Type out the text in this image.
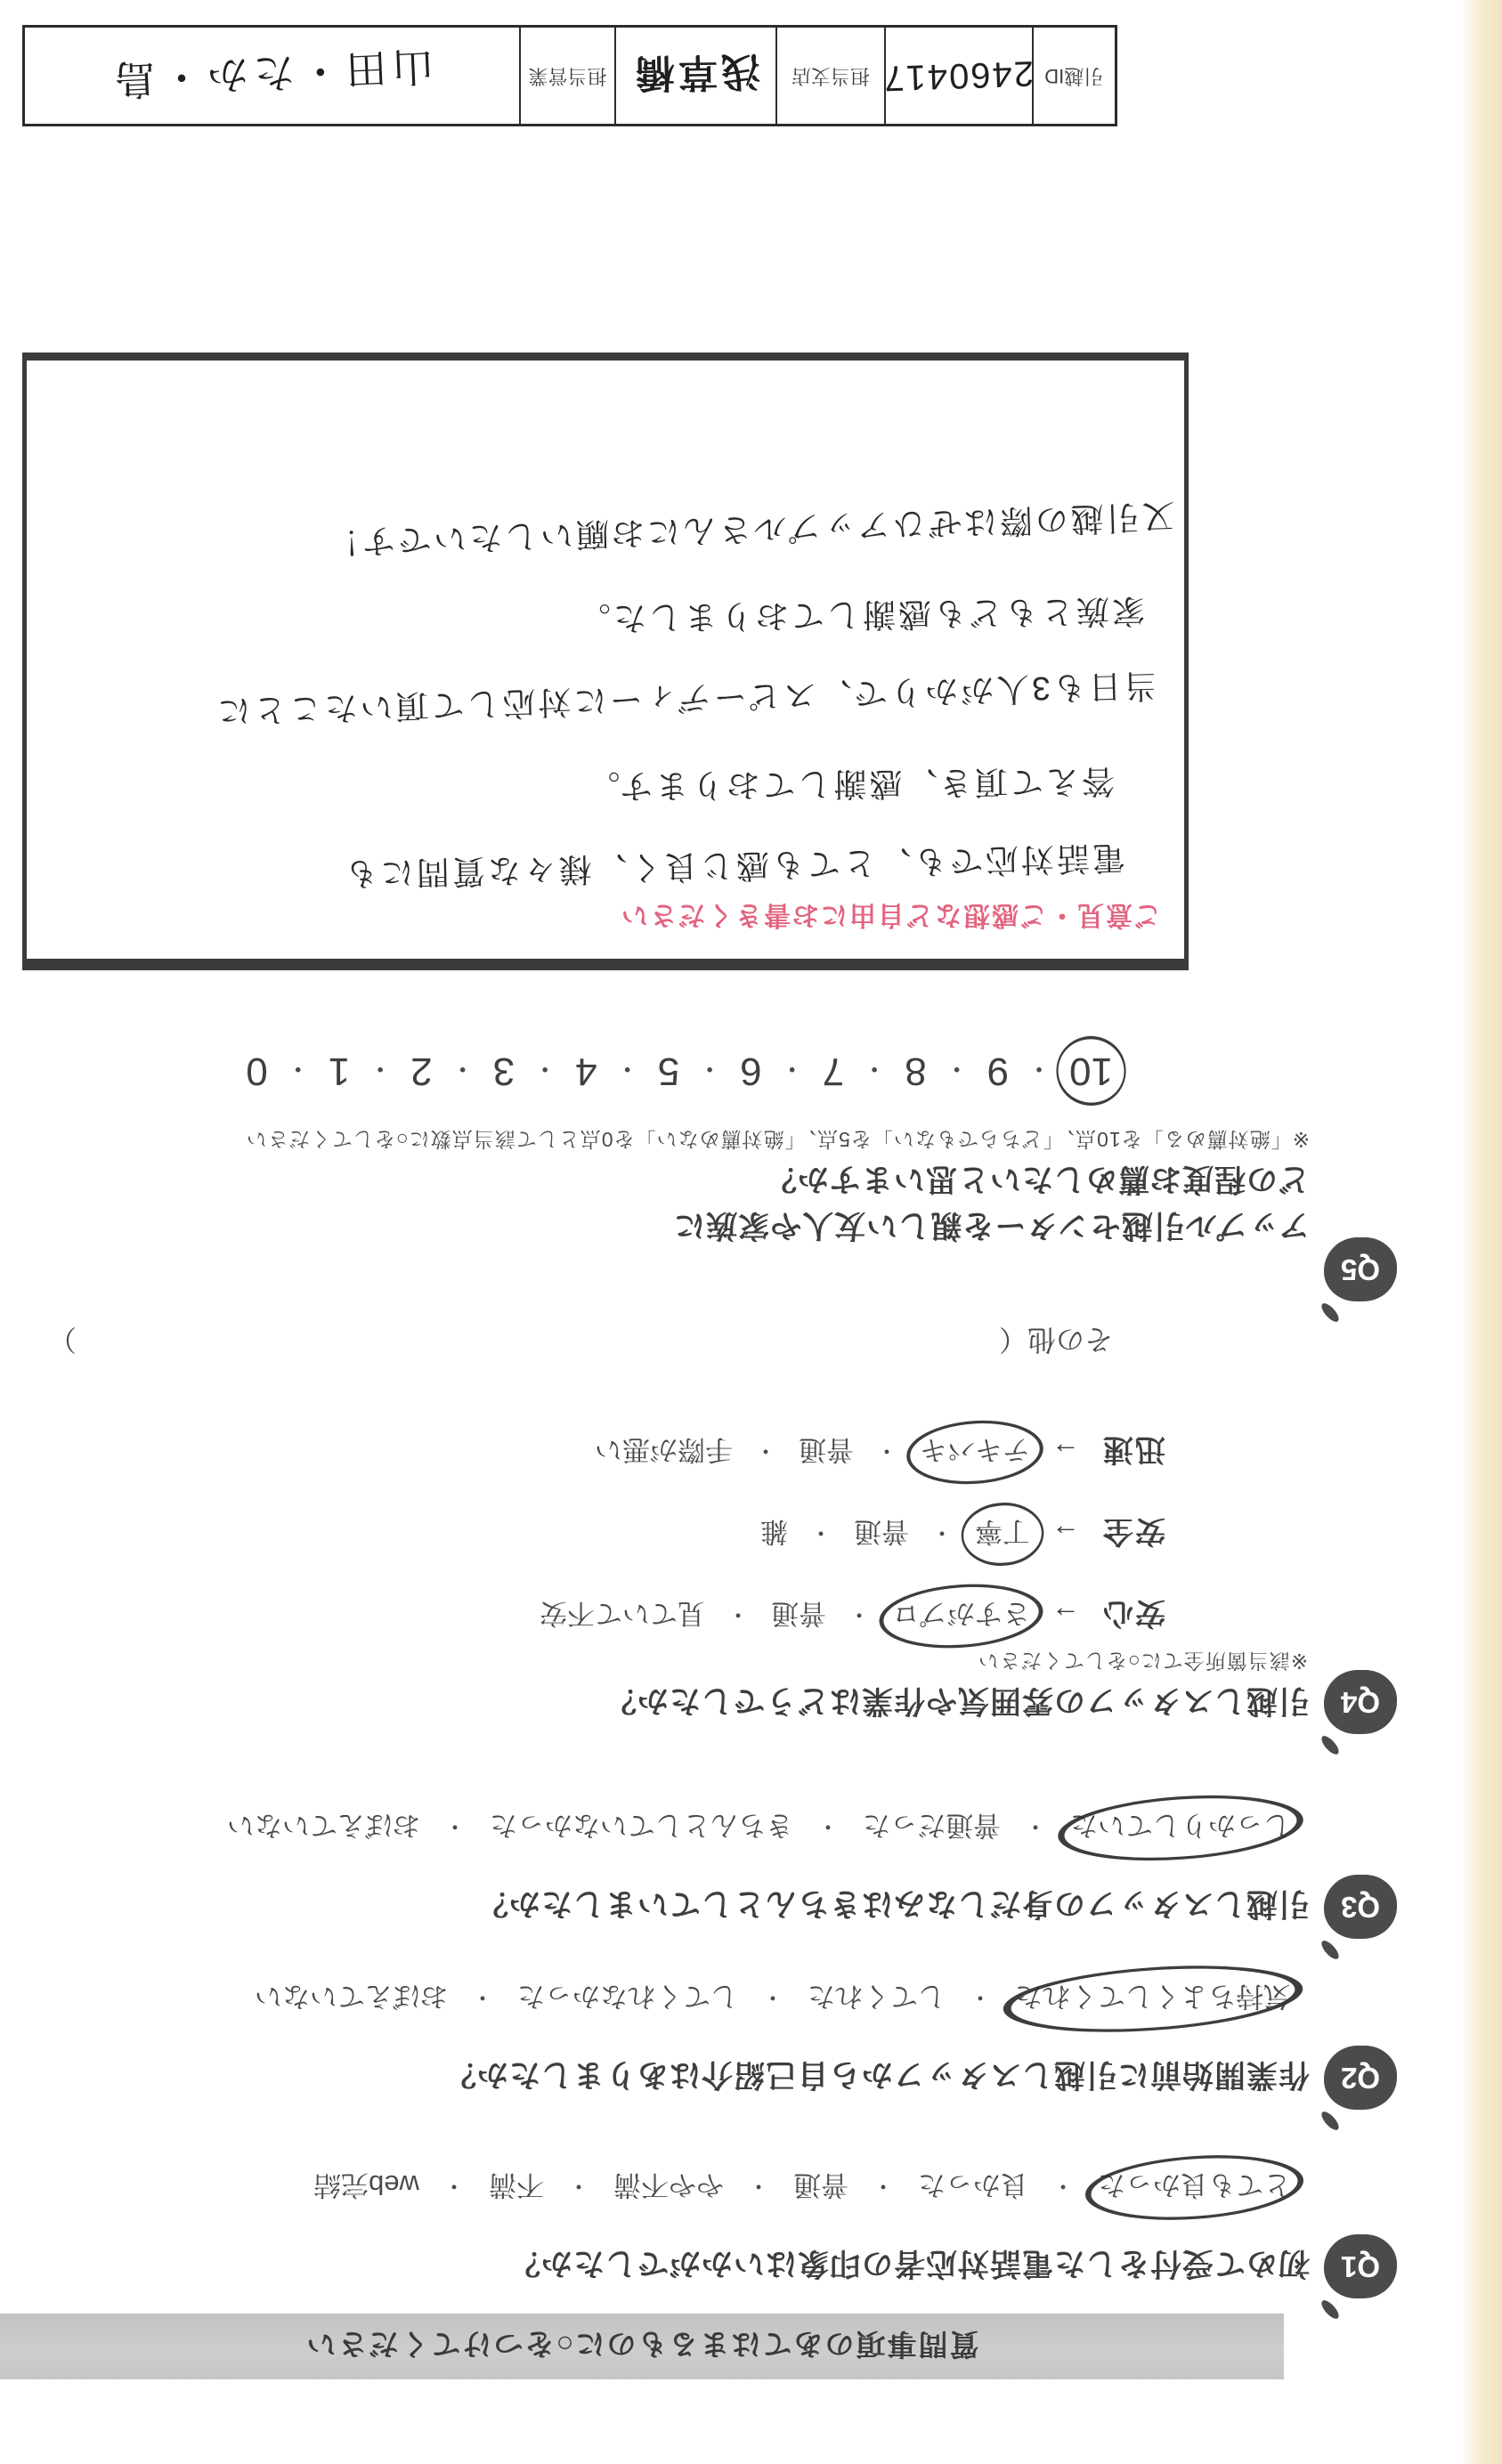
質問事項のあてはまるものに○をつけてください
Q1
初めて受付をした電話対応者の印象はいかがでしたか？
とても良かった
・
良かった
・
普通
・
やや不満
・
不満
・
web完結
Q2
作業開始前に引越しスタッフから自己紹介はありましたか？
気持ちよくしてくれた
・
してくれた
・
してくれなかった
・
おぼえていない
Q3
引越しスタッフの身だしなみはきちんとしていましたか？
しっかりしていた
・
普通だった
・
きちんとしていなかった
・
おぼえていない
Q4
引越しスタッフの雰囲気や作業はどうでしたか？
※該当箇所全てに○をしてください
安心
→
さすがプロ
・
普通
・
見ていて不安
安全
→
丁寧
・
普通
・
雑
迅速
→
テキパキ
・
普通
・
手際が悪い
その他（
）
Q5
アップル引越センターを親しい友人や家族に
どの程度お薦めしたいと思いますか？
※「絶対薦める」を10点、「どちらでもない」を5点、「絶対薦めない」を0点として該当点数に○をしてください
10
・
9
・
8
・
7
・
6
・
5
・
4
・
3
・
2
・
1
・
0
ご意見・ご感想など自由にお書きください
電話対応でも、とても感じ良く、様々な質問にも
答えて頂き、感謝しております。
当日も3人がかりで、スピーディーに対応して頂いたことに
家族ともども感謝しておりました。
又引越の際はぜひアップルさんにお願いしたいです！
引越ID
2460417
担当支店
浅草橋
担当営業
山田・たか・島
